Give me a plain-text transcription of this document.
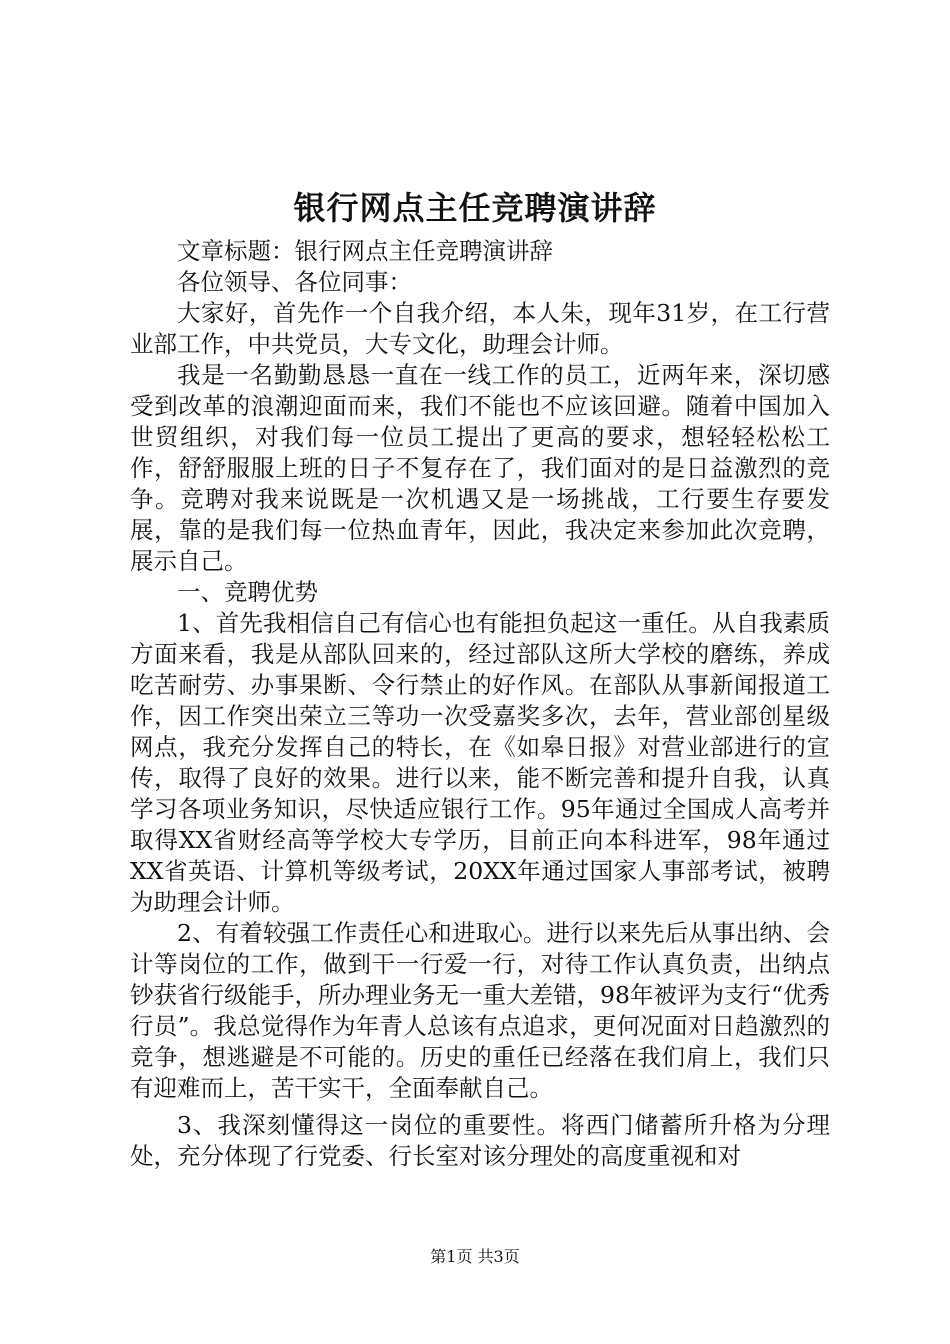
银行网点主任竞聘演讲辞

文章标题：银行网点主任竞聘演讲辞

各位领导、各位同事：

大家好，首先作一个自我介绍，本人朱，现年31岁，在工行营业部工作，中共党员，大专文化，助理会计师。

我是一名勤勤恳恳一直在一线工作的员工，近两年来，深切感受到改革的浪潮迎面而来，我们不能也不应该回避。随着中国加入世贸组织，对我们每一位员工提出了更高的要求，想轻轻松松工作，舒舒服服上班的日子不复存在了，我们面对的是日益激烈的竞争。竞聘对我来说既是一次机遇又是一场挑战，工行要生存要发展，靠的是我们每一位热血青年，因此，我决定来参加此次竞聘，展示自己。

一、竞聘优势

1、首先我相信自己有信心也有能担负起这一重任。从自我素质方面来看，我是从部队回来的，经过部队这所大学校的磨练，养成吃苦耐劳、办事果断、令行禁止的好作风。在部队从事新闻报道工作，因工作突出荣立三等功一次受嘉奖多次，去年，营业部创星级网点，我充分发挥自己的特长，在《如皋日报》对营业部进行的宣传，取得了良好的效果。进行以来，能不断完善和提升自我，认真学习各项业务知识，尽快适应银行工作。95年通过全国成人高考并取得XX省财经高等学校大专学历，目前正向本科进军，98年通过XX省英语、计算机等级考试，20XX年通过国家人事部考试，被聘为助理会计师。

2、有着较强工作责任心和进取心。进行以来先后从事出纳、会计等岗位的工作，做到干一行爱一行，对待工作认真负责，出纳点钞获省行级能手，所办理业务无一重大差错，98年被评为支行“优秀行员”。我总觉得作为年青人总该有点追求，更何况面对日趋激烈的竞争，想逃避是不可能的。历史的重任已经落在我们肩上，我们只有迎难而上，苦干实干，全面奉献自己。

3、我深刻懂得这一岗位的重要性。将西门储蓄所升格为分理处，充分体现了行党委、行长室对该分理处的高度重视和对

第1页 共3页
